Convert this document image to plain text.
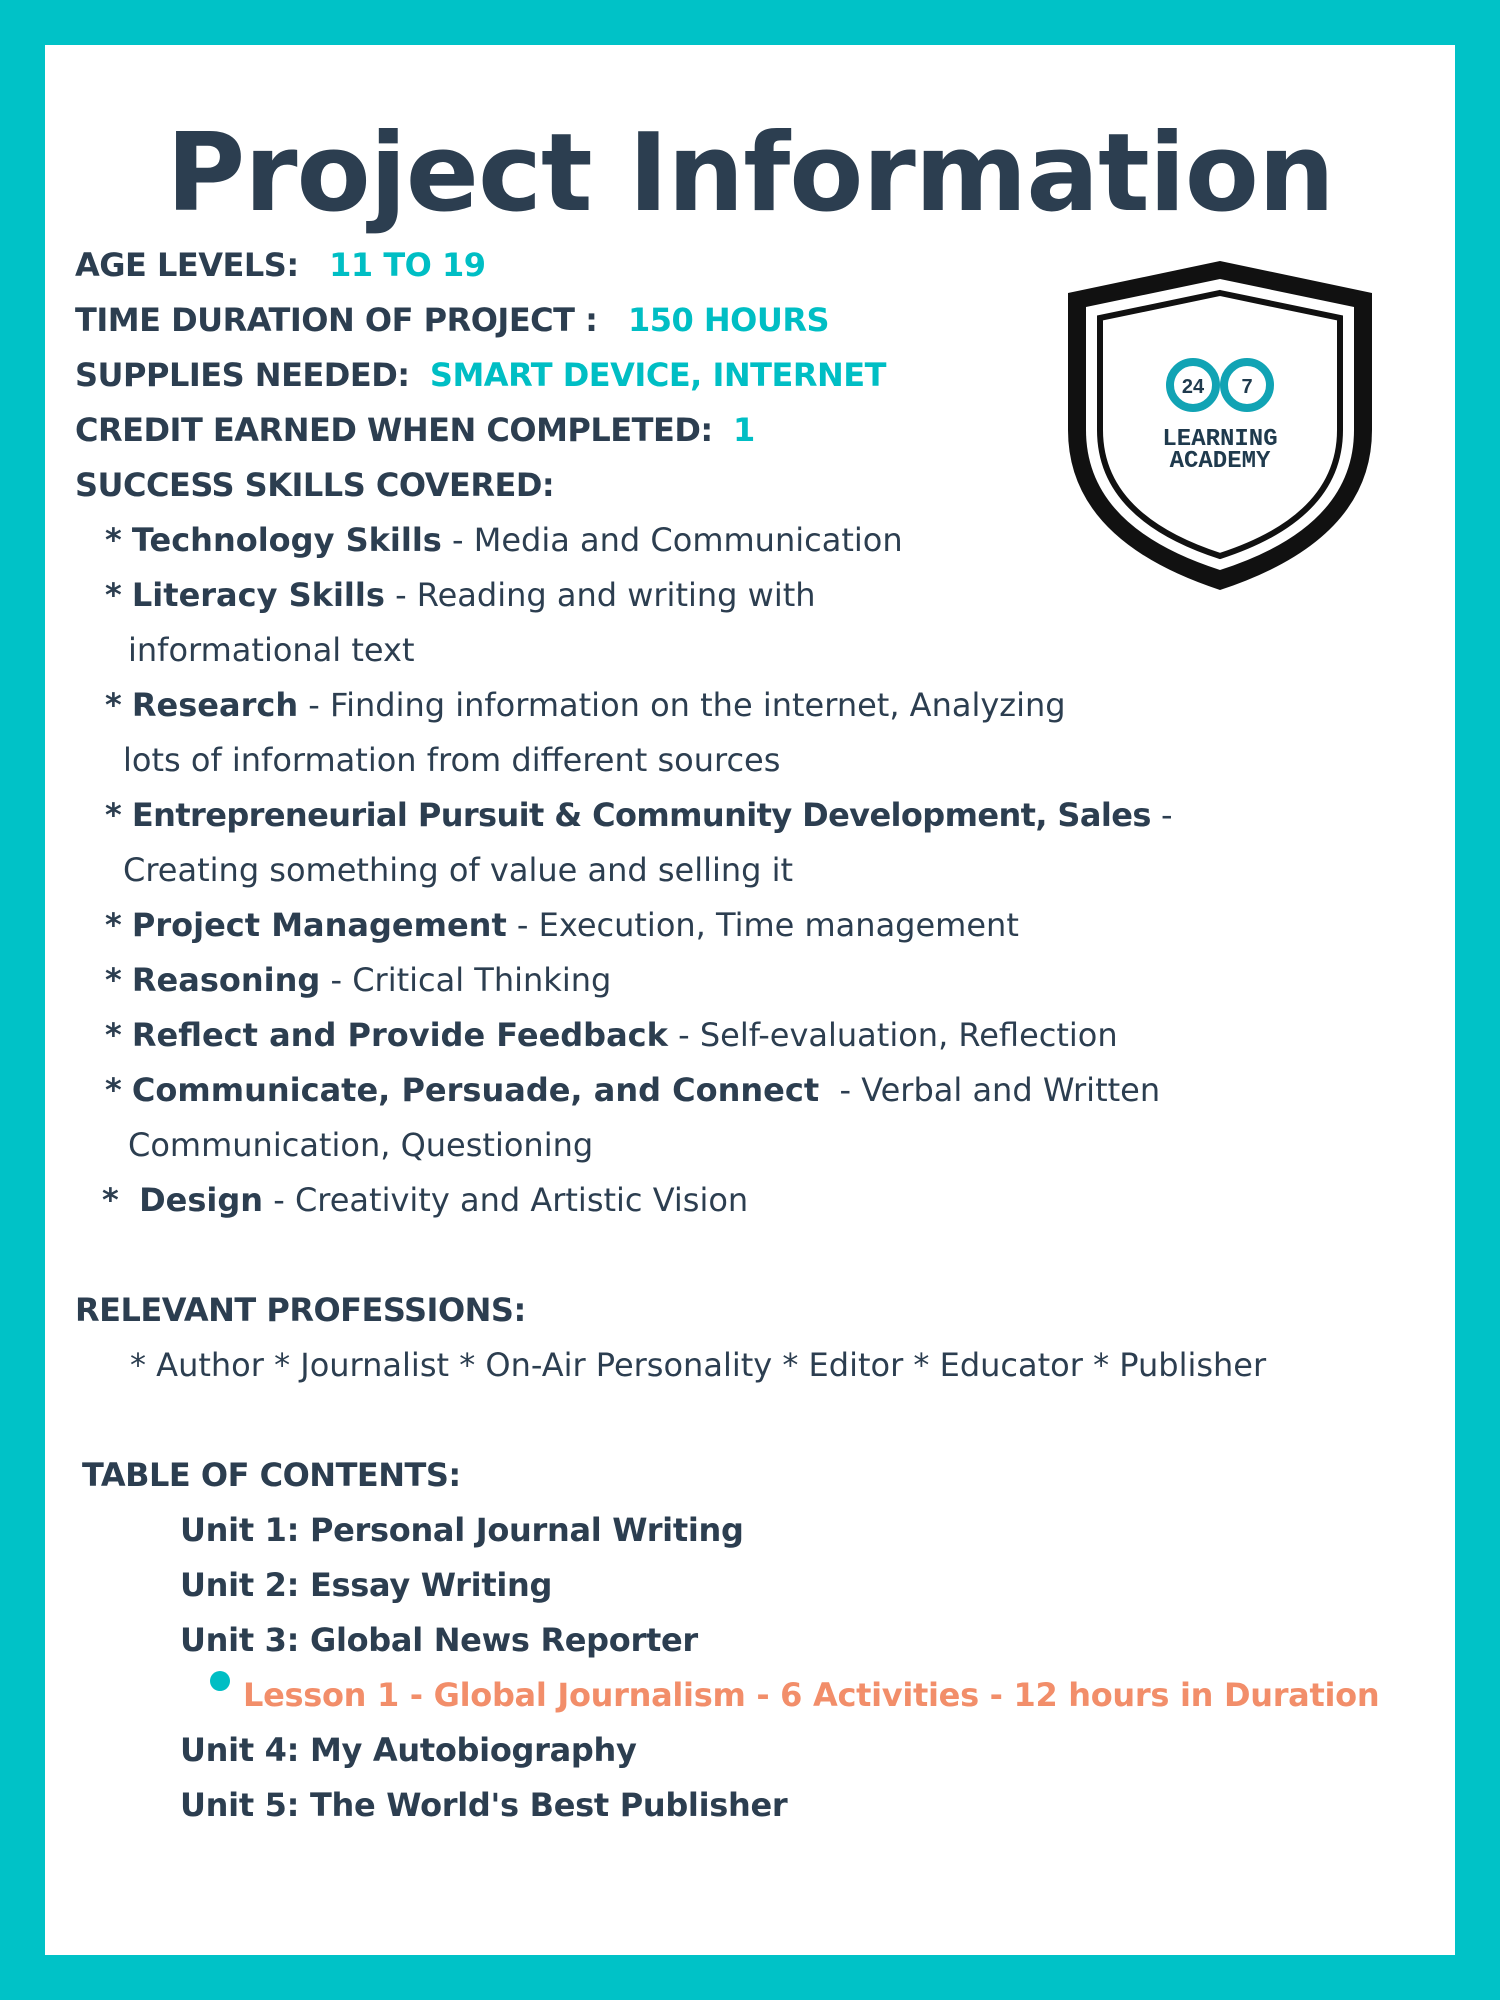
Project Information
AGE LEVELS: 11 TO 19
TIME DURATION OF PROJECT : 150 HOURS
SUPPLIES NEEDED: SMART DEVICE, INTERNET
CREDIT EARNED WHEN COMPLETED: 1
SUCCESS SKILLS COVERED:
* Technology Skills - Media and Communication
* Literacy Skills - Reading and writing with
informational text
* Research - Finding information on the internet, Analyzing
lots of information from different sources
* Entrepreneurial Pursuit & Community Development, Sales -
Creating something of value and selling it
* Project Management - Execution, Time management
* Reasoning - Critical Thinking
* Reflect and Provide Feedback - Self-evaluation, Reflection
* Communicate, Persuade, and Connect  - Verbal and Written
Communication, Questioning
* Design - Creativity and Artistic Vision
RELEVANT PROFESSIONS:
* Author * Journalist * On-Air Personality * Editor * Educator * Publisher
TABLE OF CONTENTS:
Unit 1: Personal Journal Writing
Unit 2: Essay Writing
Unit 3: Global News Reporter
Lesson 1 - Global Journalism - 6 Activities - 12 hours in Duration
Unit 4: My Autobiography
Unit 5: The World's Best Publisher
24 7
LEARNING
ACADEMY
